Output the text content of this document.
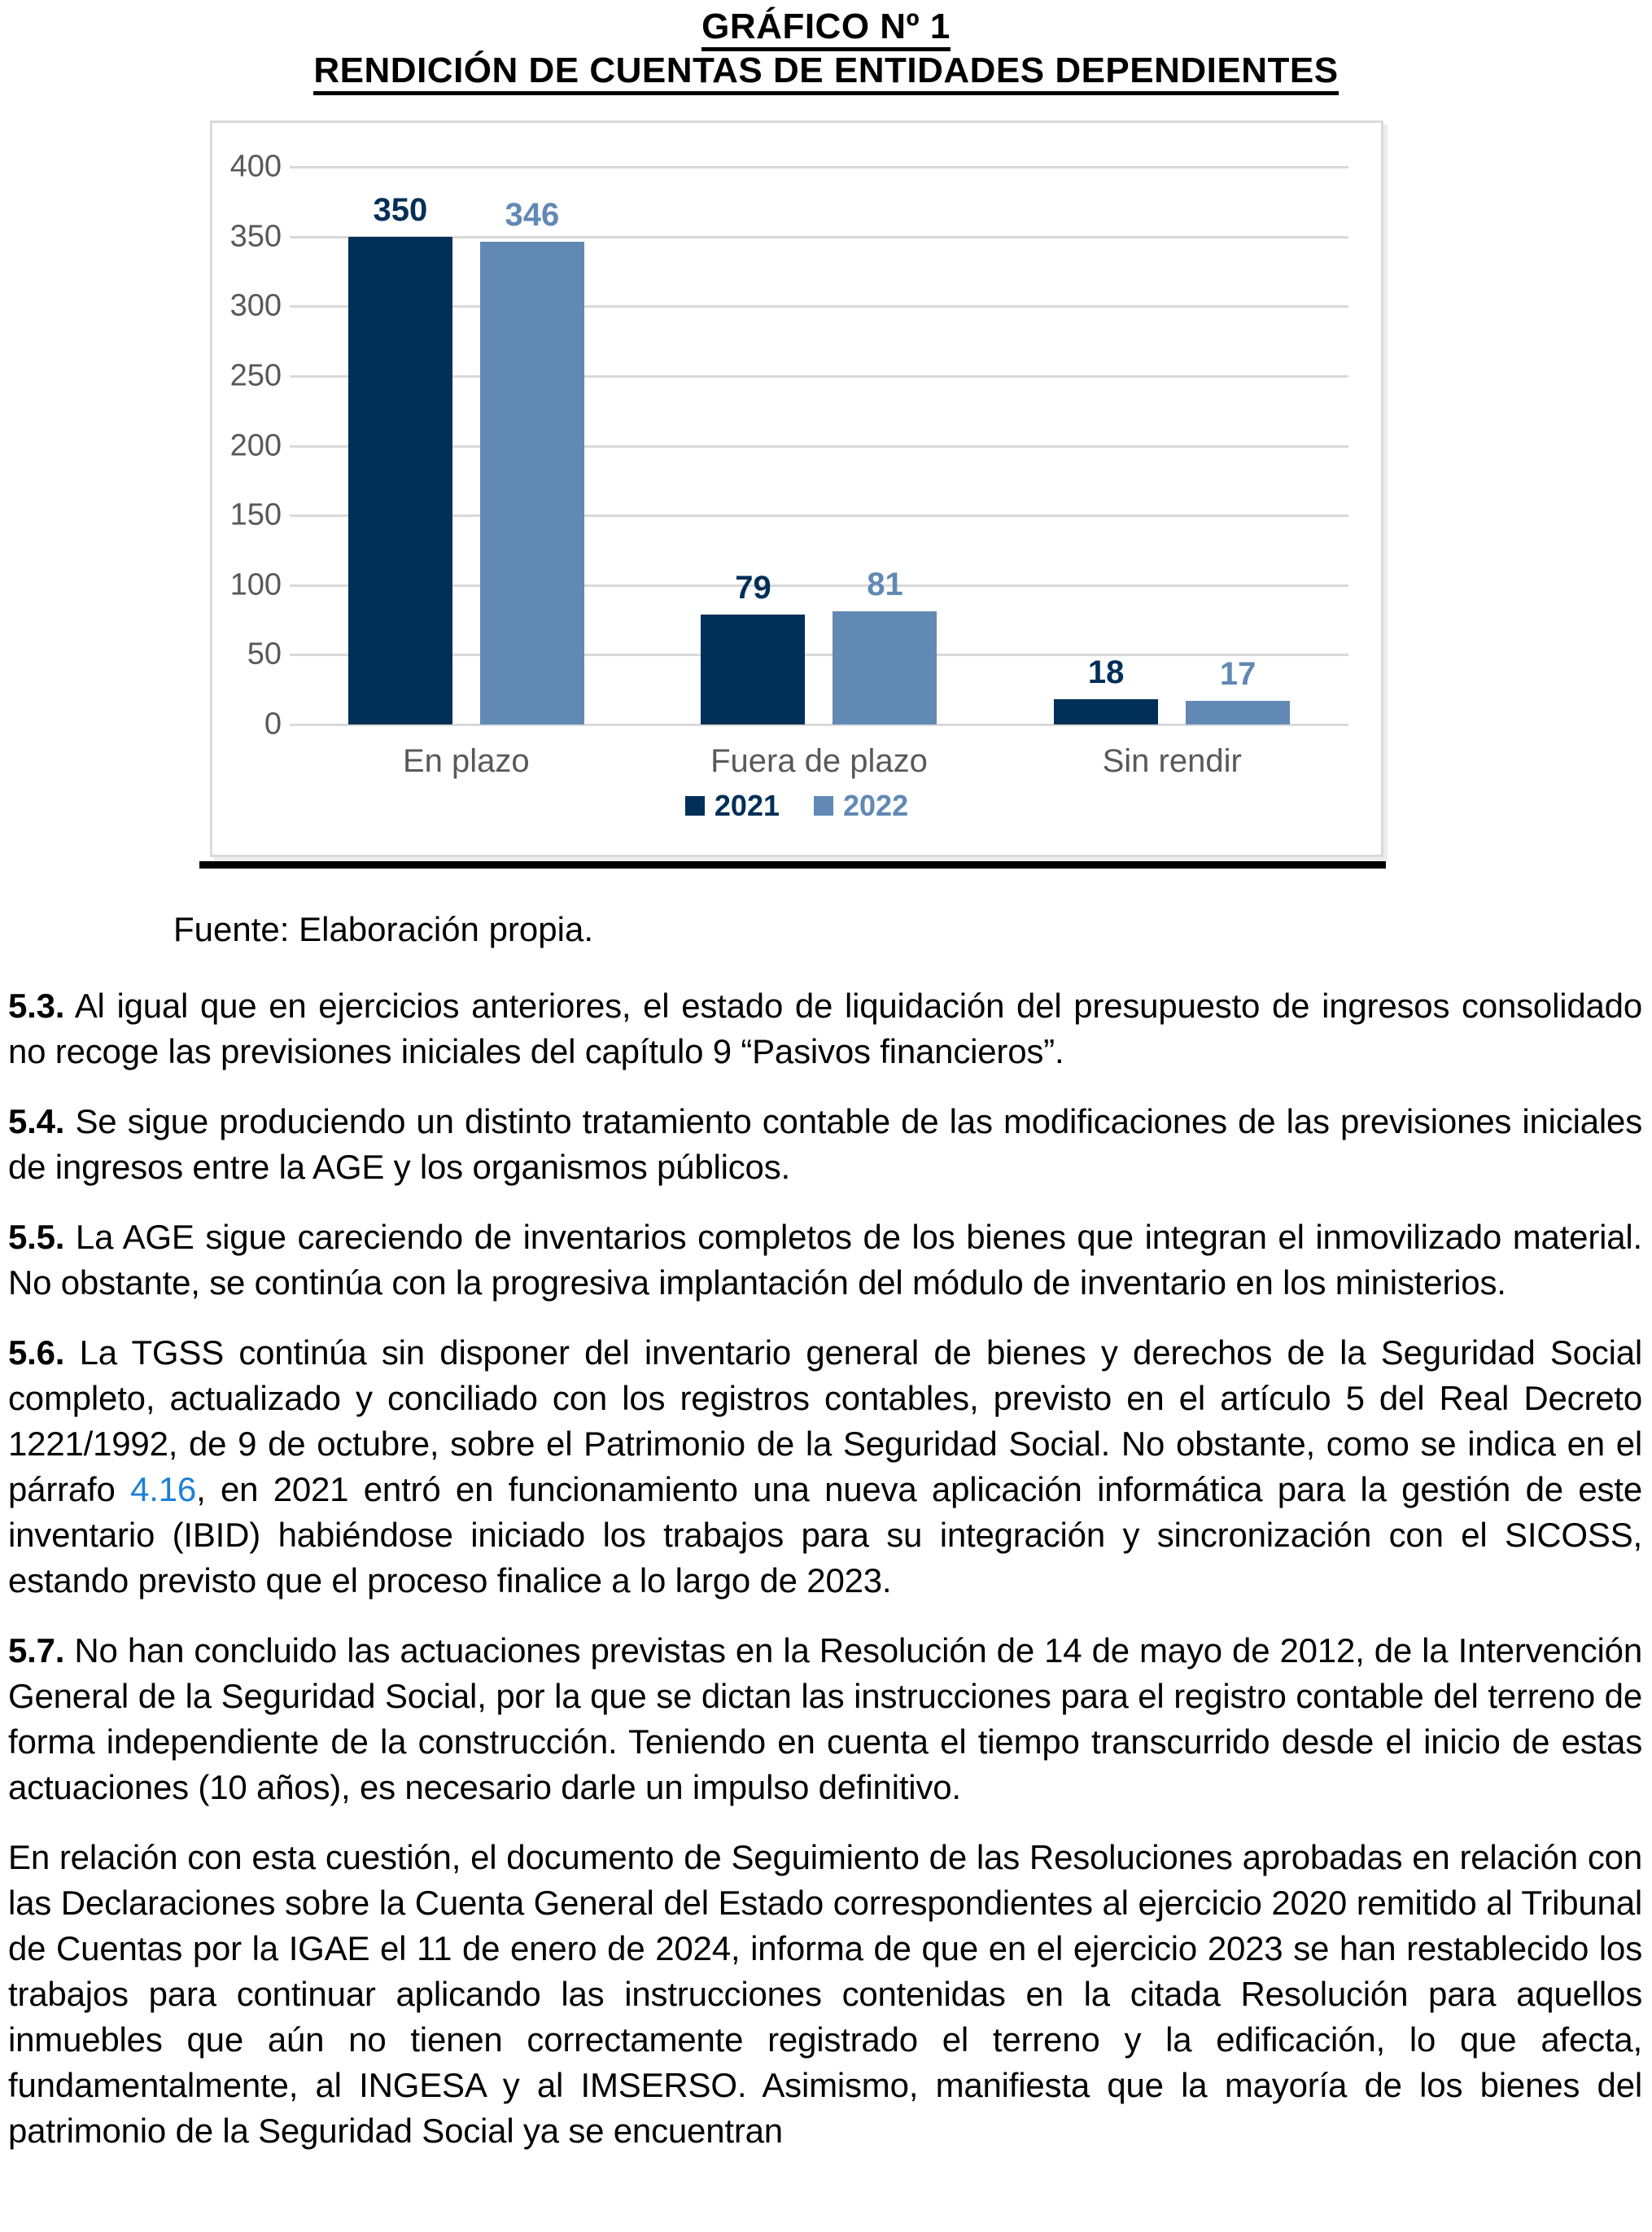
GRÁFICO Nº 1
RENDICIÓN DE CUENTAS DE ENTIDADES DEPENDIENTES
0
50
100
150
200
250
300
350
400
350 346
79	81
18	17
En plazo	Fuera de plazo	Sin rendir
2021 2022
Fuente: Elaboración propia.

5.3. Al igual que en ejercicios anteriores, el estado de liquidación del presupuesto de ingresos consolidado no recoge las previsiones iniciales del capítulo 9 “Pasivos financieros”.

5.4. Se sigue produciendo un distinto tratamiento contable de las modificaciones de las previsiones iniciales de ingresos entre la AGE y los organismos públicos.

5.5. La AGE sigue careciendo de inventarios completos de los bienes que integran el inmovilizado material. No obstante, se continúa con la progresiva implantación del módulo de inventario en los ministerios.

5.6. La TGSS continúa sin disponer del inventario general de bienes y derechos de la Seguridad Social completo, actualizado y conciliado con los registros contables, previsto en el artículo 5 del Real Decreto 1221/1992, de 9 de octubre, sobre el Patrimonio de la Seguridad Social. No obstante, como se indica en el párrafo 4.16, en 2021 entró en funcionamiento una nueva aplicación informática para la gestión de este inventario (IBID) habiéndose iniciado los trabajos para su integración y sincronización con el SICOSS, estando previsto que el proceso finalice a lo largo de 2023.

5.7. No han concluido las actuaciones previstas en la Resolución de 14 de mayo de 2012, de la Intervención General de la Seguridad Social, por la que se dictan las instrucciones para el registro contable del terreno de forma independiente de la construcción. Teniendo en cuenta el tiempo transcurrido desde el inicio de estas actuaciones (10 años), es necesario darle un impulso definitivo.

En relación con esta cuestión, el documento de Seguimiento de las Resoluciones aprobadas en relación con las Declaraciones sobre la Cuenta General del Estado correspondientes al ejercicio 2020 remitido al Tribunal de Cuentas por la IGAE el 11 de enero de 2024, informa de que en el ejercicio 2023 se han restablecido los trabajos para continuar aplicando las instrucciones contenidas en la citada Resolución para aquellos inmuebles que aún no tienen correctamente registrado el terreno y la edificación, lo que afecta, fundamentalmente, al INGESA y al IMSERSO. Asimismo, manifiesta que la mayoría de los bienes del patrimonio de la Seguridad Social ya se encuentran
